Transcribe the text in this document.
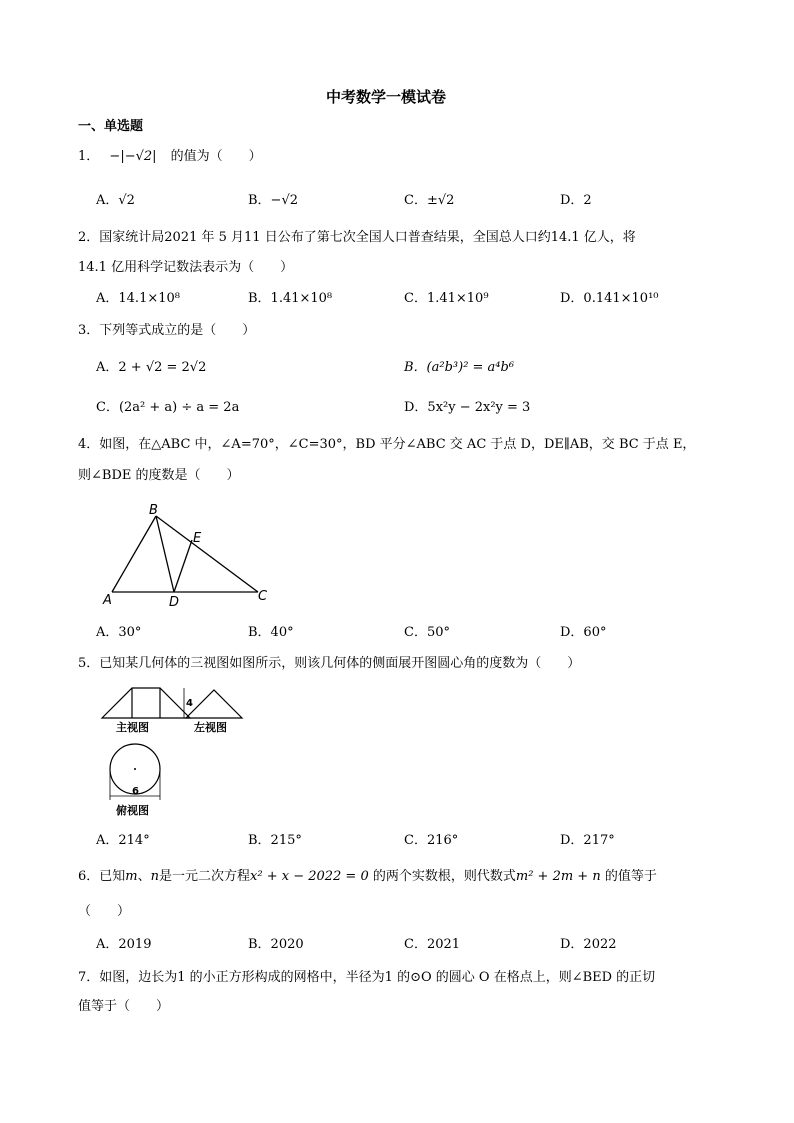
中考数学一模试卷
一、单选题
1． −|−√2| 的值为（　　）
A．√2	B．−√2	C．±√2	D．2
2．国家统计局2021 年 5 月11 日公布了第七次全国人口普查结果，全国总人口约14.1 亿人，将
14.1 亿用科学记数法表示为（　　）
A．14.1×10⁸	B．1.41×10⁸	C．1.41×10⁹	D．0.141×10¹⁰
3．下列等式成立的是（　　）
A．2 + √2 = 2√2	B．(a²b³)² = a⁴b⁶
C．(2a² + a) ÷ a = 2a	D．5x²y − 2x²y = 3
4．如图，在△ABC 中，∠A=70°，∠C=30°，BD 平分∠ABC 交 AC 于点 D，DE∥AB，交 BC 于点 E，
则∠BDE 的度数是（　　）
B
E
A	D	C
A．30°	B．40°	C．50°	D．60°
5．已知某几何体的三视图如图所示，则该几何体的侧面展开图圆心角的度数为（　　）
4
主视图	左视图
6
俯视图
A．214°	B．215°	C．216°	D．217°
6．已知m、n是一元二次方程x² + x − 2022 = 0 的两个实数根，则代数式m² + 2m + n 的值等于
（　　）
A．2019	B．2020	C．2021	D．2022
7．如图，边长为1 的小正方形构成的网格中，半径为1 的⊙O 的圆心 O 在格点上，则∠BED 的正切
值等于（　　）
